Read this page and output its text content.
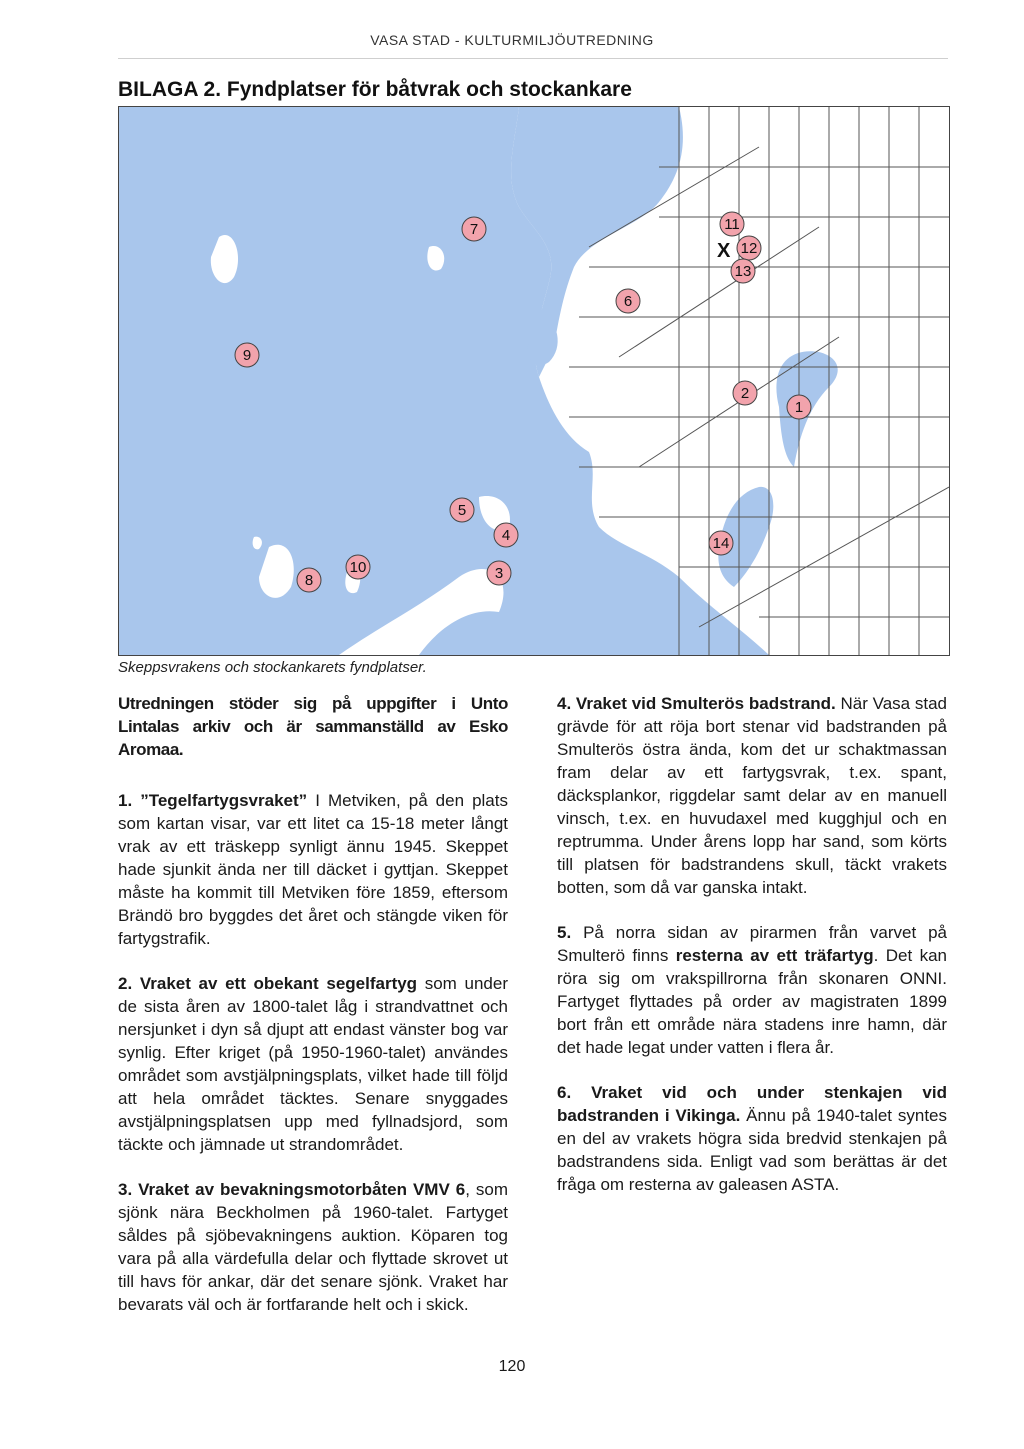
VASA STAD - KULTURMILJÖUTREDNING
BILAGA 2. Fyndplatser för båtvrak och stockankare
7	11
X 12
13
6
9
2
1
5
4	14
10	3
8
Skeppsvrakens och stockankarets fyndplatser.

Utredningen stöder sig på uppgifter i Unto Lintalas arkiv och är sammanställd av Esko Aromaa.

1. ”Tegelfartygsvraket” I Metviken, på den plats som kartan visar, var ett litet ca 15-18 meter långt vrak av ett träskepp synligt ännu 1945. Skeppet hade sjunkit ända ner till däcket i gyttjan. Skeppet måste ha kommit till Metviken före 1859, eftersom Brändö bro byggdes det året och stängde viken för fartygstrafik.

2. Vraket av ett obekant segelfartyg som under de sista åren av 1800-talet låg i strandvattnet och nersjunket i dyn så djupt att endast vänster bog var synlig. Efter kriget (på 1950-1960-talet) användes området som avstjälpningsplats, vilket hade till följd att hela området täcktes. Senare snyggades avstjälpningsplatsen upp med fyllnadsjord, som täckte och jämnade ut strandområdet.

3. Vraket av bevakningsmotorbåten VMV 6, som sjönk nära Beckholmen på 1960-talet. Fartyget såldes på sjöbevakningens auktion. Köparen tog vara på alla värdefulla delar och flyttade skrovet ut till havs för ankar, där det senare sjönk. Vraket har bevarats väl och är fortfarande helt och i skick.

4. Vraket vid Smulterös badstrand. När Vasa stad grävde för att röja bort stenar vid badstranden på Smulterös östra ända, kom det ur schaktmassan fram delar av ett fartygsvrak, t.ex. spant, däcksplankor, riggdelar samt delar av en manuell vinsch, t.ex. en huvudaxel med kugghjul och en reptrumma. Under årens lopp har sand, som körts till platsen för badstrandens skull, täckt vrakets botten, som då var ganska intakt.

5. På norra sidan av pirarmen från varvet på Smulterö finns resterna av ett träfartyg. Det kan röra sig om vrakspillrorna från skonaren ONNI. Fartyget flyttades på order av magistraten 1899 bort från ett område nära stadens inre hamn, där det hade legat under vatten i flera år.

6. Vraket vid och under stenkajen vid badstranden i Vikinga. Ännu på 1940-talet syntes en del av vrakets högra sida bredvid stenkajen på badstrandens sida. Enligt vad som berättas är det fråga om resterna av galeasen ASTA.

120
